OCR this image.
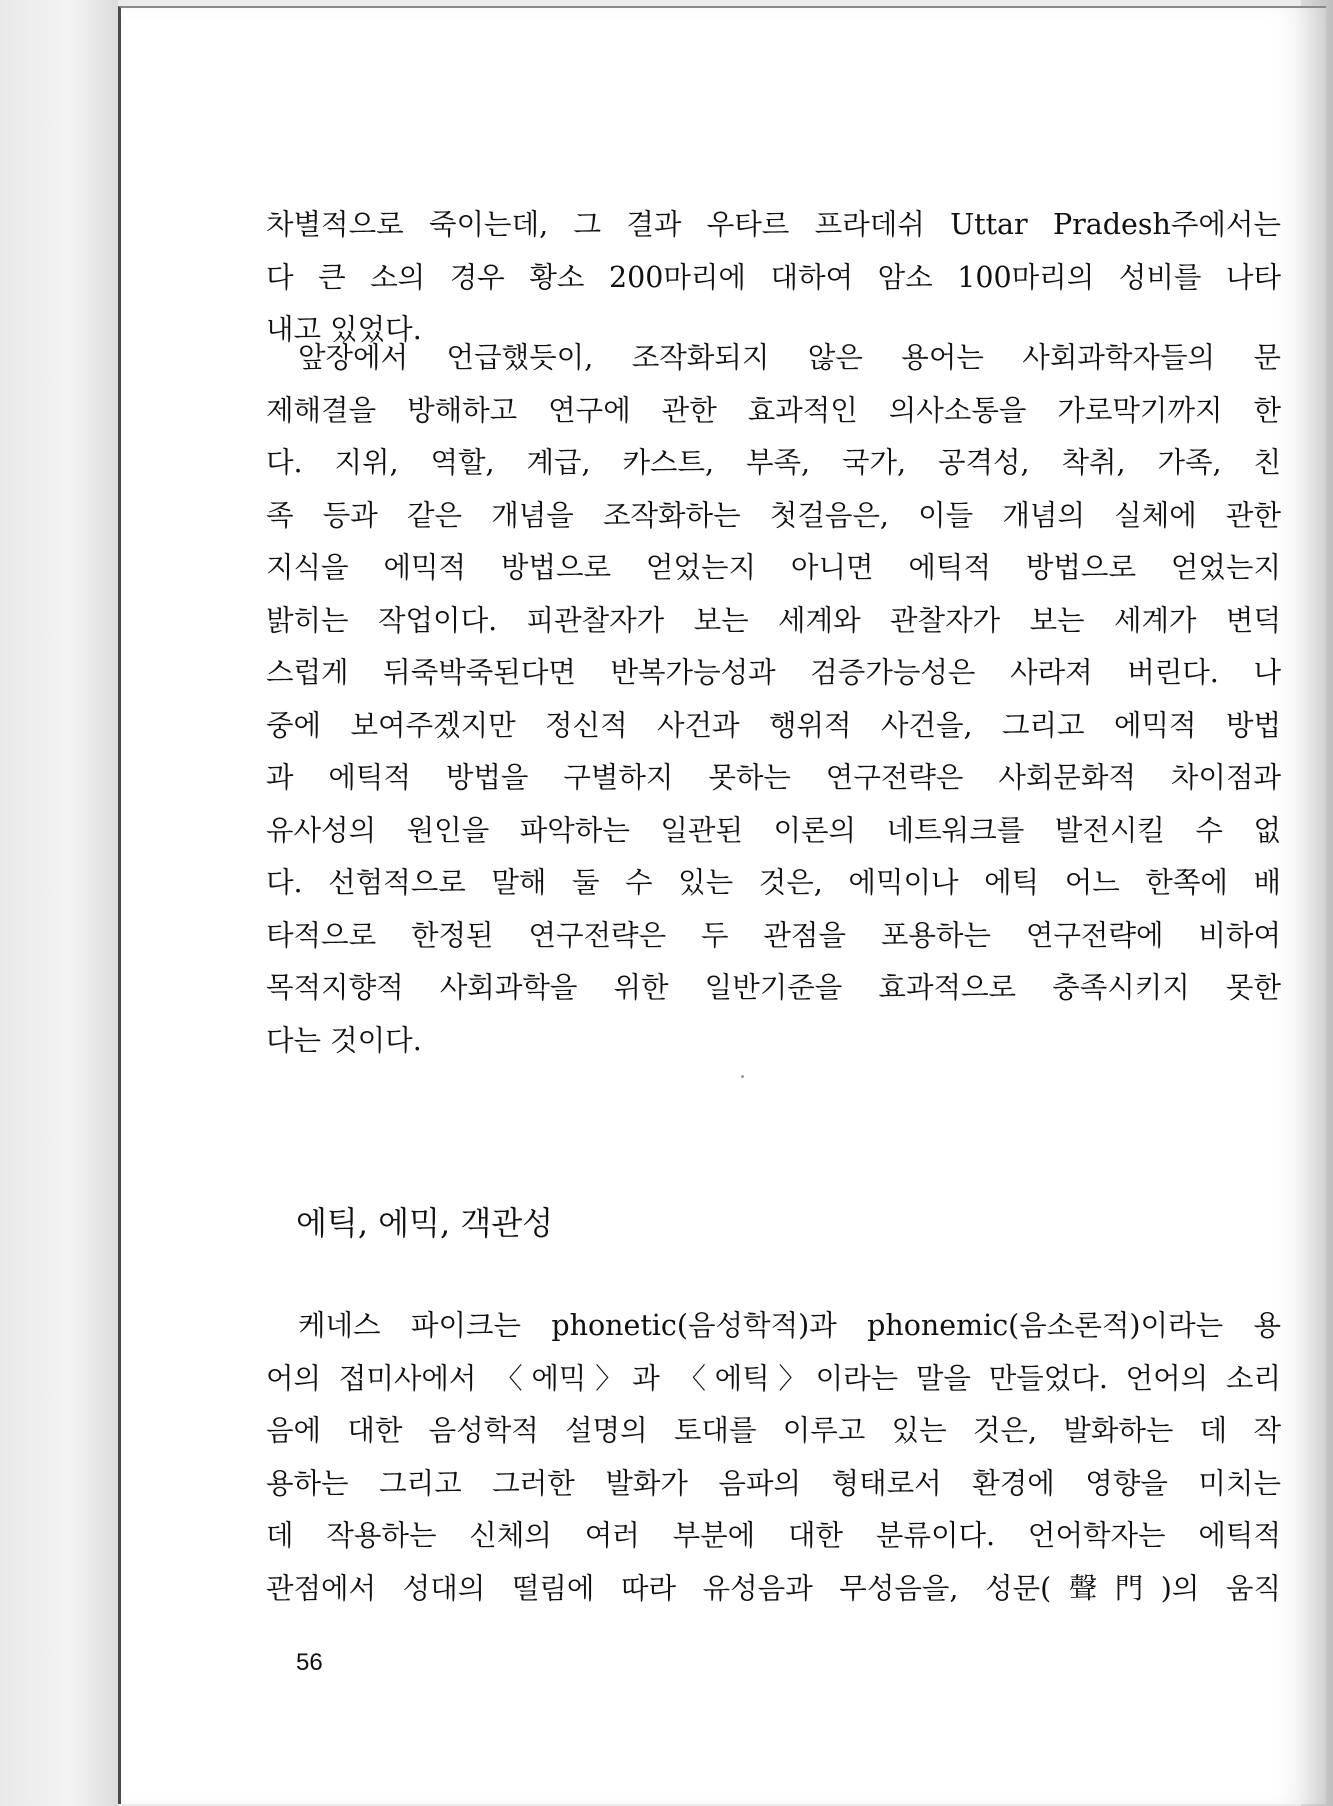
차별적으로 죽이는데, 그 결과 우타르 프라데쉬 Uttar Pradesh주에서는
다 큰 소의 경우 황소 200마리에 대하여 암소 100마리의 성비를 나타
내고 있었다.
앞장에서 언급했듯이, 조작화되지 않은 용어는 사회과학자들의 문
제해결을 방해하고 연구에 관한 효과적인 의사소통을 가로막기까지 한
다. 지위, 역할, 계급, 카스트, 부족, 국가, 공격성, 착취, 가족, 친
족 등과 같은 개념을 조작화하는 첫걸음은, 이들 개념의 실체에 관한
지식을 에믹적 방법으로 얻었는지 아니면 에틱적 방법으로 얻었는지
밝히는 작업이다. 피관찰자가 보는 세계와 관찰자가 보는 세계가 변덕
스럽게 뒤죽박죽된다면 반복가능성과 검증가능성은 사라져 버린다. 나
중에 보여주겠지만 정신적 사건과 행위적 사건을, 그리고 에믹적 방법
과 에틱적 방법을 구별하지 못하는 연구전략은 사회문화적 차이점과
유사성의 원인을 파악하는 일관된 이론의 네트워크를 발전시킬 수 없
다. 선험적으로 말해 둘 수 있는 것은, 에믹이나 에틱 어느 한쪽에 배
타적으로 한정된 연구전략은 두 관점을 포용하는 연구전략에 비하여
목적지향적 사회과학을 위한 일반기준을 효과적으로 충족시키지 못한
다는 것이다.
에틱, 에믹, 객관성
케네스 파이크는 phonetic(음성학적)과 phonemic(음소론적)이라는 용
어의 접미사에서 〈에믹〉과 〈에틱〉이라는 말을 만들었다. 언어의 소리
음에 대한 음성학적 설명의 토대를 이루고 있는 것은, 발화하는 데 작
용하는 그리고 그러한 발화가 음파의 형태로서 환경에 영향을 미치는
데 작용하는 신체의 여러 부분에 대한 분류이다. 언어학자는 에틱적
관점에서 성대의 떨림에 따라 유성음과 무성음을, 성문(聲門)의 움직
56
